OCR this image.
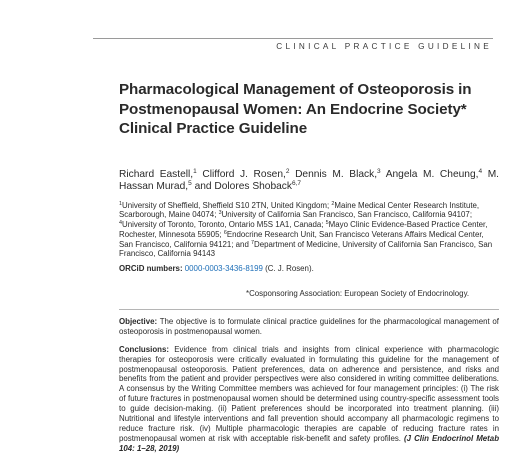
CLINICAL PRACTICE GUIDELINE
Pharmacological Management of Osteoporosis in Postmenopausal Women: An Endocrine Society* Clinical Practice Guideline

Richard Eastell,$^1$ Clifford J. Rosen,$^2$ Dennis M. Black,$^3$ Angela M. Cheung,$^4$ M. Hassan Murad,$^5$ and Dolores Shoback$^{6,7}$

$^1$University of Sheffield, Sheffield S10 2TN, United Kingdom; $^2$Maine Medical Center Research Institute, Scarborough, Maine 04074; $^3$University of California San Francisco, San Francisco, California 94107; $^4$University of Toronto, Toronto, Ontario M5S 1A1, Canada; $^5$Mayo Clinic Evidence-Based Practice Center, Rochester, Minnesota 55905; $^6$Endocrine Research Unit, San Francisco Veterans Affairs Medical Center, San Francisco, California 94121; and $^7$Department of Medicine, University of California San Francisco, San Francisco, California 94143

ORCiD numbers: 0000-0003-3436-8199 (C. J. Rosen).

*Cosponsoring Association: European Society of Endocrinology.

Objective: The objective is to formulate clinical practice guidelines for the pharmacological management of osteoporosis in postmenopausal women.

Conclusions: Evidence from clinical trials and insights from clinical experience with pharmacologic therapies for osteoporosis were critically evaluated in formulating this guideline for the management of postmenopausal osteoporosis. Patient preferences, data on adherence and persistence, and risks and benefits from the patient and provider perspectives were also considered in writing committee deliberations. A consensus by the Writing Committee members was achieved for four management principles: (i) The risk of future fractures in postmenopausal women should be determined using country-specific assessment tools to guide decision-making. (ii) Patient preferences should be incorporated into treatment planning. (iii) Nutritional and lifestyle interventions and fall prevention should accompany all pharmacologic regimens to reduce fracture risk. (iv) Multiple pharmacologic therapies are capable of reducing fracture rates in postmenopausal women at risk with acceptable risk-benefit and safety profiles. (J Clin Endocrinol Metab 104: 1–28, 2019)
